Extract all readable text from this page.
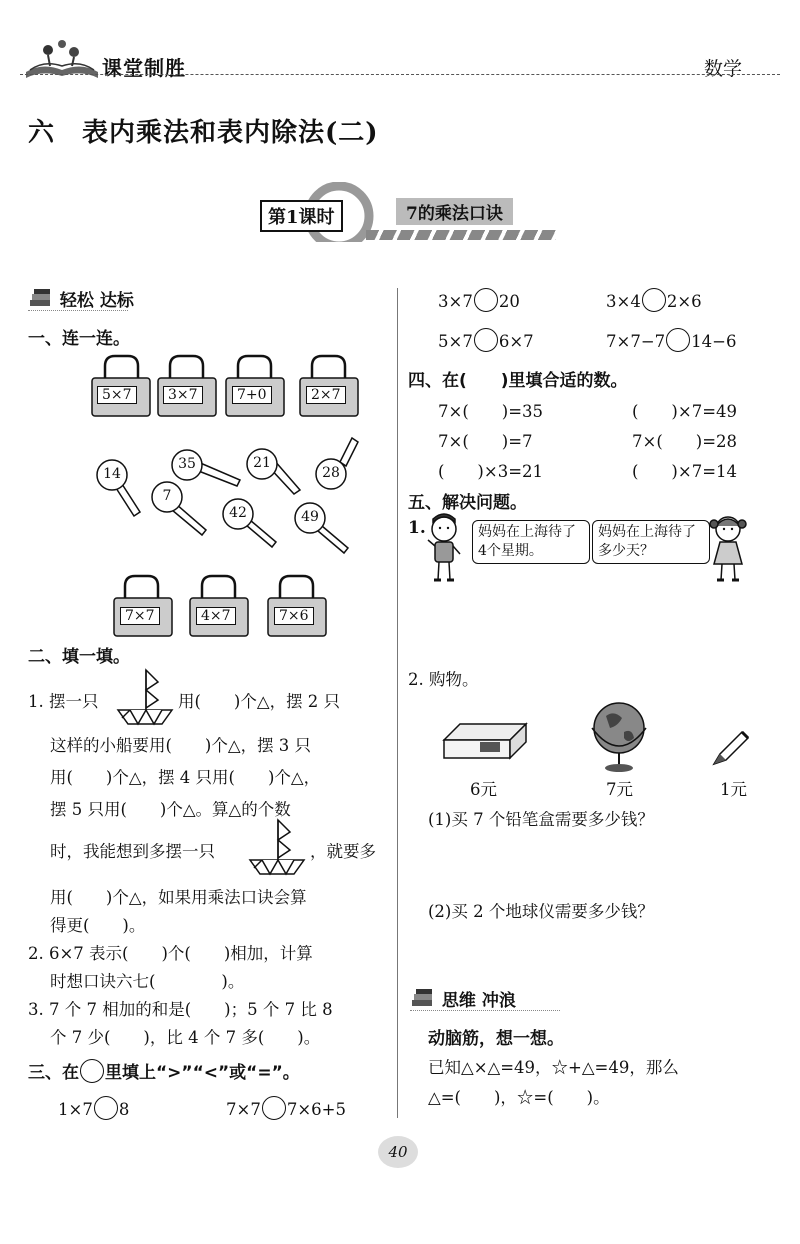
课堂制胜	数学
六　表内乘法和表内除法(二)
第1课时	7的乘法口诀
轻松 达标
一、连一连。
5×7	3×7	7+0	2×7
14
35	21
28
7
42	49
7×7	4×7	7×6
二、填一填。
1. 摆一只	用(　　)个△，摆 2 只
这样的小船要用(　　)个△，摆 3 只
用(　　)个△，摆 4 只用(　　)个△，
摆 5 只用(　　)个△。算△的个数
时，我能想到多摆一只	，就要多
用(　　)个△，如果用乘法口诀会算
得更(　　)。
2. 6×7 表示(　　)个(　　)相加，计算
时想口诀六七(　　　　)。
3. 7 个 7 相加的和是(　　)；5 个 7 比 8
个 7 少(　　)，比 4 个 7 多(　　)。
三、在 里填上“>”“<”或“=”。
1×7 8	7×7 7×6+5
3×7 20	3×4 2×6
5×7 6×7	7×7−7 14−6
四、在(　　)里填合适的数。
7×(　　)=35	(　　)×7=49
7×(　　)=7	7×(　　)=28
(　　)×3=21	(　　)×7=14
五、解决问题。
1.	妈妈在上海待了4个星期。
妈妈在上海待了多少天？
2. 购物。
6元	7元	1元
(1)买 7 个铅笔盒需要多少钱？
(2)买 2 个地球仪需要多少钱？
思维 冲浪
动脑筋，想一想。
已知△×△=49，☆+△=49，那么
△=(　　)，☆=(　　)。
40
